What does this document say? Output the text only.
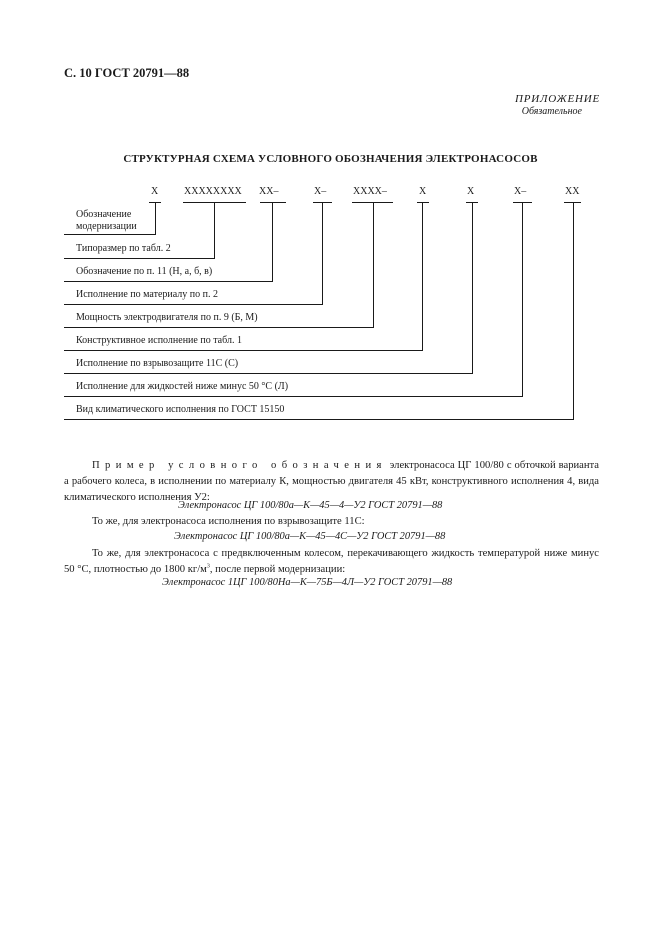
С. 10 ГОСТ 20791—88
ПРИЛОЖЕНИЕ
Обязательное
СТРУКТУРНАЯ СХЕМА УСЛОВНОГО ОБОЗНАЧЕНИЯ ЭЛЕКТРОНАСОСОВ
X	XXXXXXXX XX–	X–	XXXX–	X	X	X–	XX
Обозначение
модернизации
Типоразмер по табл. 2
Обозначение по п. 11 (Н, а, б, в)
Исполнение по материалу по п. 2
Мощность электродвигателя по п. 9 (Б, М)
Конструктивное исполнение по табл. 1
Исполнение по взрывозащите 11С (С)
Исполнение для жидкостей ниже минус 50 °С (Л)
Вид климатического исполнения по ГОСТ 15150
Пример условного обозначения электронасоса ЦГ 100/80 с обточкой варианта а рабочего колеса, в исполнении по материалу К, мощностью двигателя 45 кВт, конструктивного исполнения 4, вида климатического исполнения У2:
Электронасос ЦГ 100/80а—К—45—4—У2 ГОСТ 20791—88
То же, для электронасоса исполнения по взрывозащите 11С:
Электронасос ЦГ 100/80а—К—45—4С—У2 ГОСТ 20791—88
То же, для электронасоса с предвключенным колесом, перекачивающего жидкость температурой ниже минус 50 °С, плотностью до 1800 $кг/м^3$, после первой модернизации:
Электронасос 1ЦГ 100/80На—К—75Б—4Л—У2 ГОСТ 20791—88
